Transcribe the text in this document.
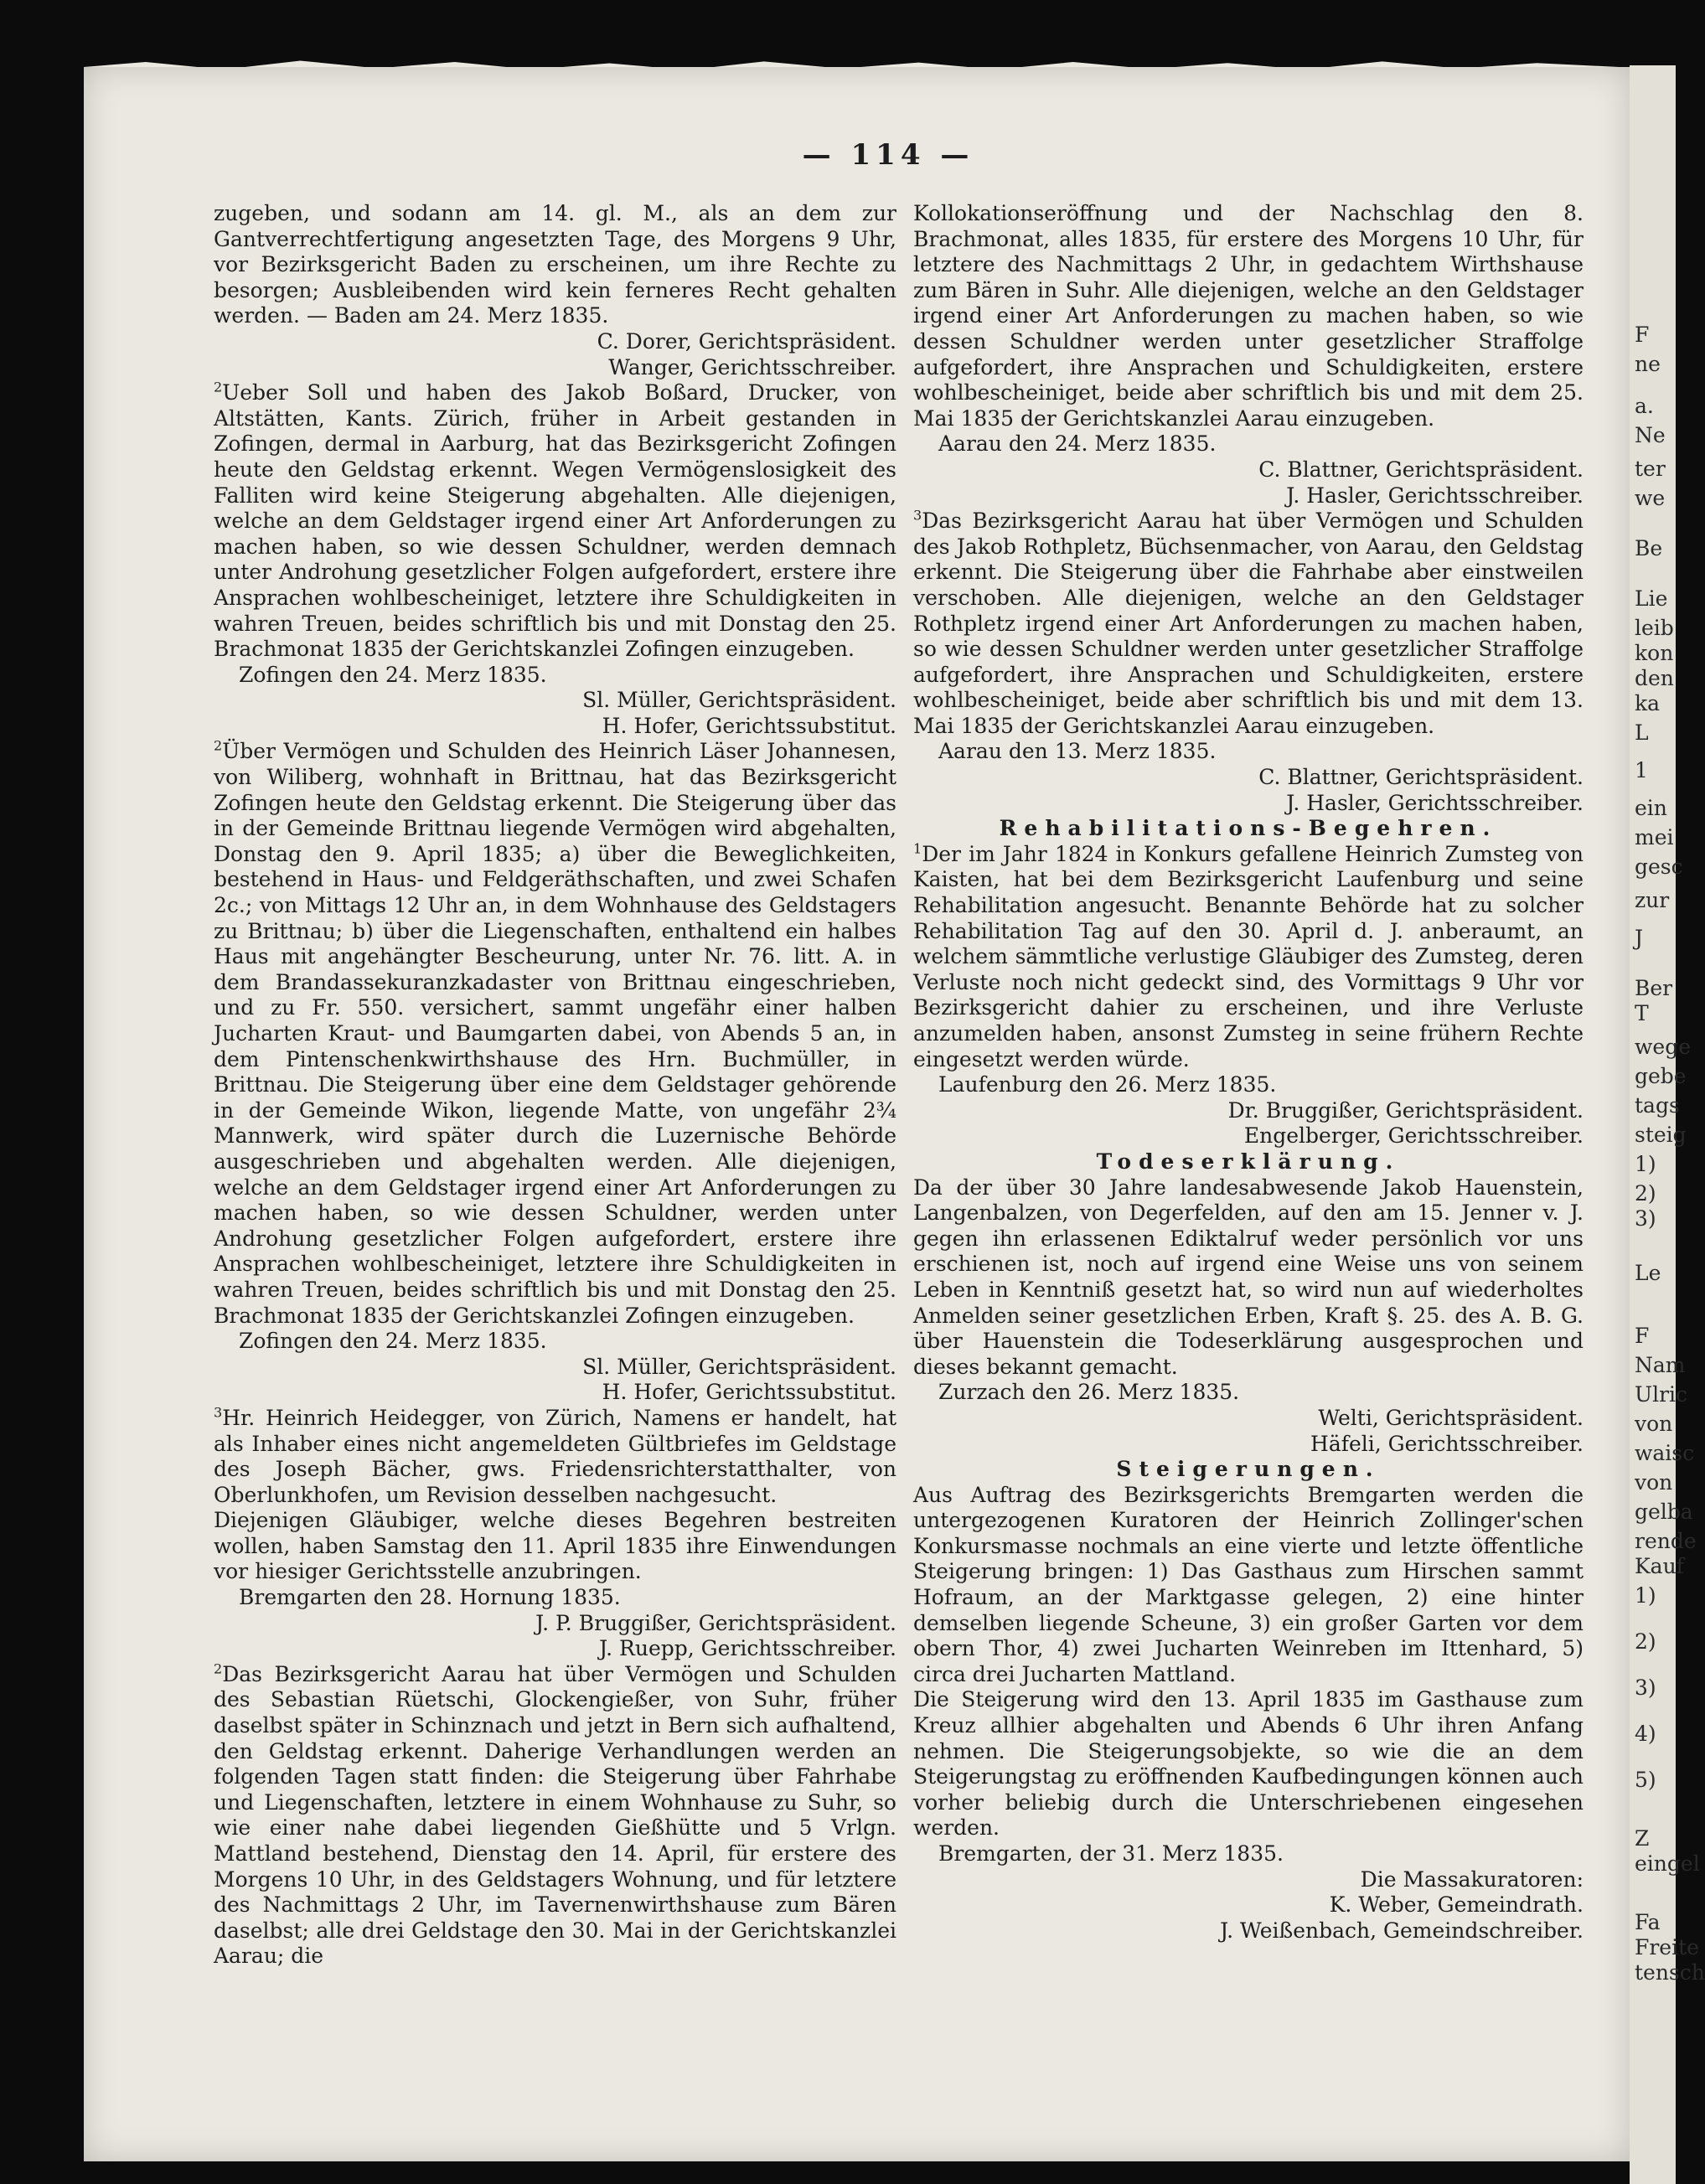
— 114 —

zugeben, und sodann am 14. gl. M., als an dem zur Gantverrechtfertigung angesetzten Tage, des Morgens 9 Uhr, vor Bezirksgericht Baden zu erscheinen, um ihre Rechte zu besorgen; Ausbleibenden wird kein ferneres Recht gehalten werden. — Baden am 24. Merz 1835.

C. Dorer, Gerichtspräsident.

Wanger, Gerichtsschreiber.

$^2$Ueber Soll und haben des Jakob Boßard, Drucker, von Altstätten, Kants. Zürich, früher in Arbeit gestanden in Zofingen, dermal in Aarburg, hat das Bezirksgericht Zofingen heute den Geldstag erkennt. Wegen Vermögenslosigkeit des Falliten wird keine Steigerung abgehalten. Alle diejenigen, welche an dem Geldstager irgend einer Art Anforderungen zu machen haben, so wie dessen Schuldner, werden demnach unter Androhung gesetzlicher Folgen aufgefordert, erstere ihre Ansprachen wohlbescheiniget, letztere ihre Schuldigkeiten in wahren Treuen, beides schriftlich bis und mit Donstag den 25. Brachmonat 1835 der Gerichtskanzlei Zofingen einzugeben.

Zofingen den 24. Merz 1835.

Sl. Müller, Gerichtspräsident.

H. Hofer, Gerichtssubstitut.

$^2$Über Vermögen und Schulden des Heinrich Läser Johannesen, von Wiliberg, wohnhaft in Brittnau, hat das Bezirksgericht Zofingen heute den Geldstag erkennt. Die Steigerung über das in der Gemeinde Brittnau liegende Vermögen wird abgehalten, Donstag den 9. April 1835; a) über die Beweglichkeiten, bestehend in Haus- und Feldgeräthschaften, und zwei Schafen 2c.; von Mittags 12 Uhr an, in dem Wohnhause des Geldstagers zu Brittnau; b) über die Liegenschaften, enthaltend ein halbes Haus mit angehängter Bescheurung, unter Nr. 76. litt. A. in dem Brandassekuranzkadaster von Brittnau eingeschrieben, und zu Fr. 550. versichert, sammt ungefähr einer halben Jucharten Kraut- und Baumgarten dabei, von Abends 5 an, in dem Pintenschenkwirthshause des Hrn. Buchmüller, in Brittnau. Die Steigerung über eine dem Geldstager gehörende in der Gemeinde Wikon, liegende Matte, von ungefähr 2¾ Mannwerk, wird später durch die Luzernische Behörde ausgeschrieben und abgehalten werden. Alle diejenigen, welche an dem Geldstager irgend einer Art Anforderungen zu machen haben, so wie dessen Schuldner, werden unter Androhung gesetzlicher Folgen aufgefordert, erstere ihre Ansprachen wohlbescheiniget, letztere ihre Schuldigkeiten in wahren Treuen, beides schriftlich bis und mit Donstag den 25. Brachmonat 1835 der Gerichtskanzlei Zofingen einzugeben.

Zofingen den 24. Merz 1835.

Sl. Müller, Gerichtspräsident.

H. Hofer, Gerichtssubstitut.

$^3$Hr. Heinrich Heidegger, von Zürich, Namens er handelt, hat als Inhaber eines nicht angemeldeten Gültbriefes im Geldstage des Joseph Bächer, gws. Friedensrichterstatthalter, von Oberlunkhofen, um Revision desselben nachgesucht.

Diejenigen Gläubiger, welche dieses Begehren bestreiten wollen, haben Samstag den 11. April 1835 ihre Einwendungen vor hiesiger Gerichtsstelle anzubringen.

Bremgarten den 28. Hornung 1835.

J. P. Bruggißer, Gerichtspräsident.

J. Ruepp, Gerichtsschreiber.

$^2$Das Bezirksgericht Aarau hat über Vermögen und Schulden des Sebastian Rüetschi, Glockengießer, von Suhr, früher daselbst später in Schinznach und jetzt in Bern sich aufhaltend, den Geldstag erkennt. Daherige Verhandlungen werden an folgenden Tagen statt finden: die Steigerung über Fahrhabe und Liegenschaften, letztere in einem Wohnhause zu Suhr, so wie einer nahe dabei liegenden Gießhütte und 5 Vrlgn. Mattland bestehend, Dienstag den 14. April, für erstere des Morgens 10 Uhr, in des Geldstagers Wohnung, und für letztere des Nachmittags 2 Uhr, im Tavernenwirthshause zum Bären daselbst; alle drei Geldstage den 30. Mai in der Gerichtskanzlei Aarau; die

Kollokationseröffnung und der Nachschlag den 8. Brachmonat, alles 1835, für erstere des Morgens 10 Uhr, für letztere des Nachmittags 2 Uhr, in gedachtem Wirthshause zum Bären in Suhr. Alle diejenigen, welche an den Geldstager irgend einer Art Anforderungen zu machen haben, so wie dessen Schuldner werden unter gesetzlicher Straffolge aufgefordert, ihre Ansprachen und Schuldigkeiten, erstere wohlbescheiniget, beide aber schriftlich bis und mit dem 25. Mai 1835 der Gerichtskanzlei Aarau einzugeben.

Aarau den 24. Merz 1835.

C. Blattner, Gerichtspräsident.

J. Hasler, Gerichtsschreiber.

$^3$Das Bezirksgericht Aarau hat über Vermögen und Schulden des Jakob Rothpletz, Büchsenmacher, von Aarau, den Geldstag erkennt. Die Steigerung über die Fahrhabe aber einstweilen verschoben. Alle diejenigen, welche an den Geldstager Rothpletz irgend einer Art Anforderungen zu machen haben, so wie dessen Schuldner werden unter gesetzlicher Straffolge aufgefordert, ihre Ansprachen und Schuldigkeiten, erstere wohlbescheiniget, beide aber schriftlich bis und mit dem 13. Mai 1835 der Gerichtskanzlei Aarau einzugeben.

Aarau den 13. Merz 1835.

C. Blattner, Gerichtspräsident.

J. Hasler, Gerichtsschreiber.

Rehabilitations-Begehren.

$^1$Der im Jahr 1824 in Konkurs gefallene Heinrich Zumsteg von Kaisten, hat bei dem Bezirksgericht Laufenburg und seine Rehabilitation angesucht. Benannte Behörde hat zu solcher Rehabilitation Tag auf den 30. April d. J. anberaumt, an welchem sämmtliche verlustige Gläubiger des Zumsteg, deren Verluste noch nicht gedeckt sind, des Vormittags 9 Uhr vor Bezirksgericht dahier zu erscheinen, und ihre Verluste anzumelden haben, ansonst Zumsteg in seine frühern Rechte eingesetzt werden würde.

Laufenburg den 26. Merz 1835.

Dr. Bruggißer, Gerichtspräsident.

Engelberger, Gerichtsschreiber.

Todeserklärung.

Da der über 30 Jahre landesabwesende Jakob Hauenstein, Langenbalzen, von Degerfelden, auf den am 15. Jenner v. J. gegen ihn erlassenen Ediktalruf weder persönlich vor uns erschienen ist, noch auf irgend eine Weise uns von seinem Leben in Kenntniß gesetzt hat, so wird nun auf wiederholtes Anmelden seiner gesetzlichen Erben, Kraft §. 25. des A. B. G. über Hauenstein die Todeserklärung ausgesprochen und dieses bekannt gemacht.

Zurzach den 26. Merz 1835.

Welti, Gerichtspräsident.

Häfeli, Gerichtsschreiber.

Steigerungen.

Aus Auftrag des Bezirksgerichts Bremgarten werden die untergezogenen Kuratoren der Heinrich Zollinger'schen Konkursmasse nochmals an eine vierte und letzte öffentliche Steigerung bringen: 1) Das Gasthaus zum Hirschen sammt Hofraum, an der Marktgasse gelegen, 2) eine hinter demselben liegende Scheune, 3) ein großer Garten vor dem obern Thor, 4) zwei Jucharten Weinreben im Ittenhard, 5) circa drei Jucharten Mattland.

Die Steigerung wird den 13. April 1835 im Gasthause zum Kreuz allhier abgehalten und Abends 6 Uhr ihren Anfang nehmen. Die Steigerungsobjekte, so wie die an dem Steigerungstag zu eröffnenden Kaufbedingungen können auch vorher beliebig durch die Unterschriebenen eingesehen werden.

Bremgarten, der 31. Merz 1835.

Die Massakuratoren:

K. Weber, Gemeindrath.

J. Weißenbach, Gemeindschreiber.

F
ne
a.
Ne
ter
we
Be
Lie
leib
kon
den
ka
L
1
ein
mei
gesc
zur
J
Ber
T
wege
gebe
tags
steig
1)
2)
3)
Le
F
Nam
Ulric
von
waisc
von
gelba
rende
Kauf
1)
2)
3)
4)
5)
Z
eingel
Fa
Freite
tensch
